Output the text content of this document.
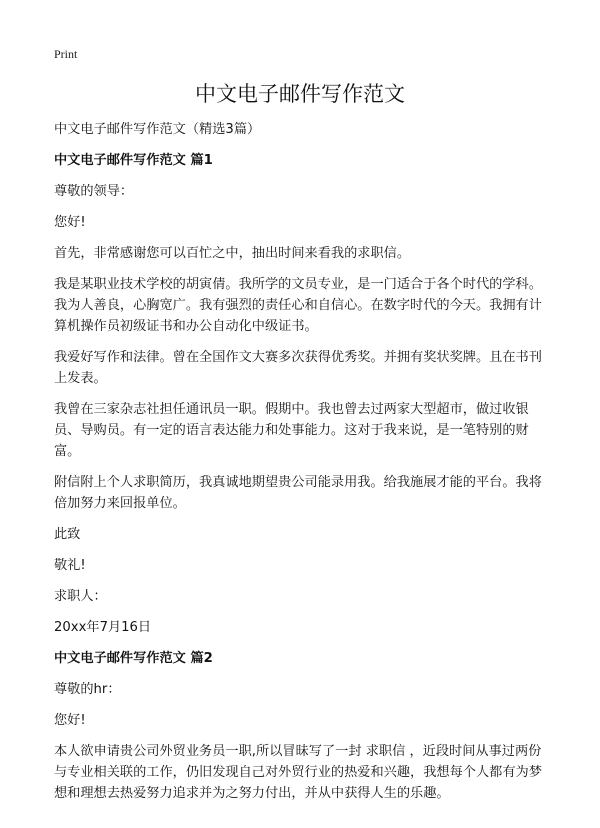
Print
中文电子邮件写作范文

中文电子邮件写作范文（精选3篇）

中文电子邮件写作范文 篇1

尊敬的领导：

您好!

首先，非常感谢您可以百忙之中，抽出时间来看我的求职信。

我是某职业技术学校的胡寅倩。我所学的文员专业，是一门适合于各个时代的学科。我为人善良，心胸宽广。我有强烈的责任心和自信心。在数字时代的今天。我拥有计算机操作员初级证书和办公自动化中级证书。

我爱好写作和法律。曾在全国作文大赛多次获得优秀奖。并拥有奖状奖牌。且在书刊上发表。

我曾在三家杂志社担任通讯员一职。假期中。我也曾去过两家大型超市，做过收银员、导购员。有一定的语言表达能力和处事能力。这对于我来说，是一笔特别的财富。

附信附上个人求职简历，我真诚地期望贵公司能录用我。给我施展才能的平台。我将倍加努力来回报单位。

此致

敬礼!

求职人：

20xx年7月16日

中文电子邮件写作范文 篇2

尊敬的hr：

您好!

本人欲申请贵公司外贸业务员一职,所以冒昧写了一封 求职信 ，近段时间从事过两份与专业相关联的工作，仍旧发现自己对外贸行业的热爱和兴趣，我想每个人都有为梦想和理想去热爱努力追求并为之努力付出，并从中获得人生的乐趣。
